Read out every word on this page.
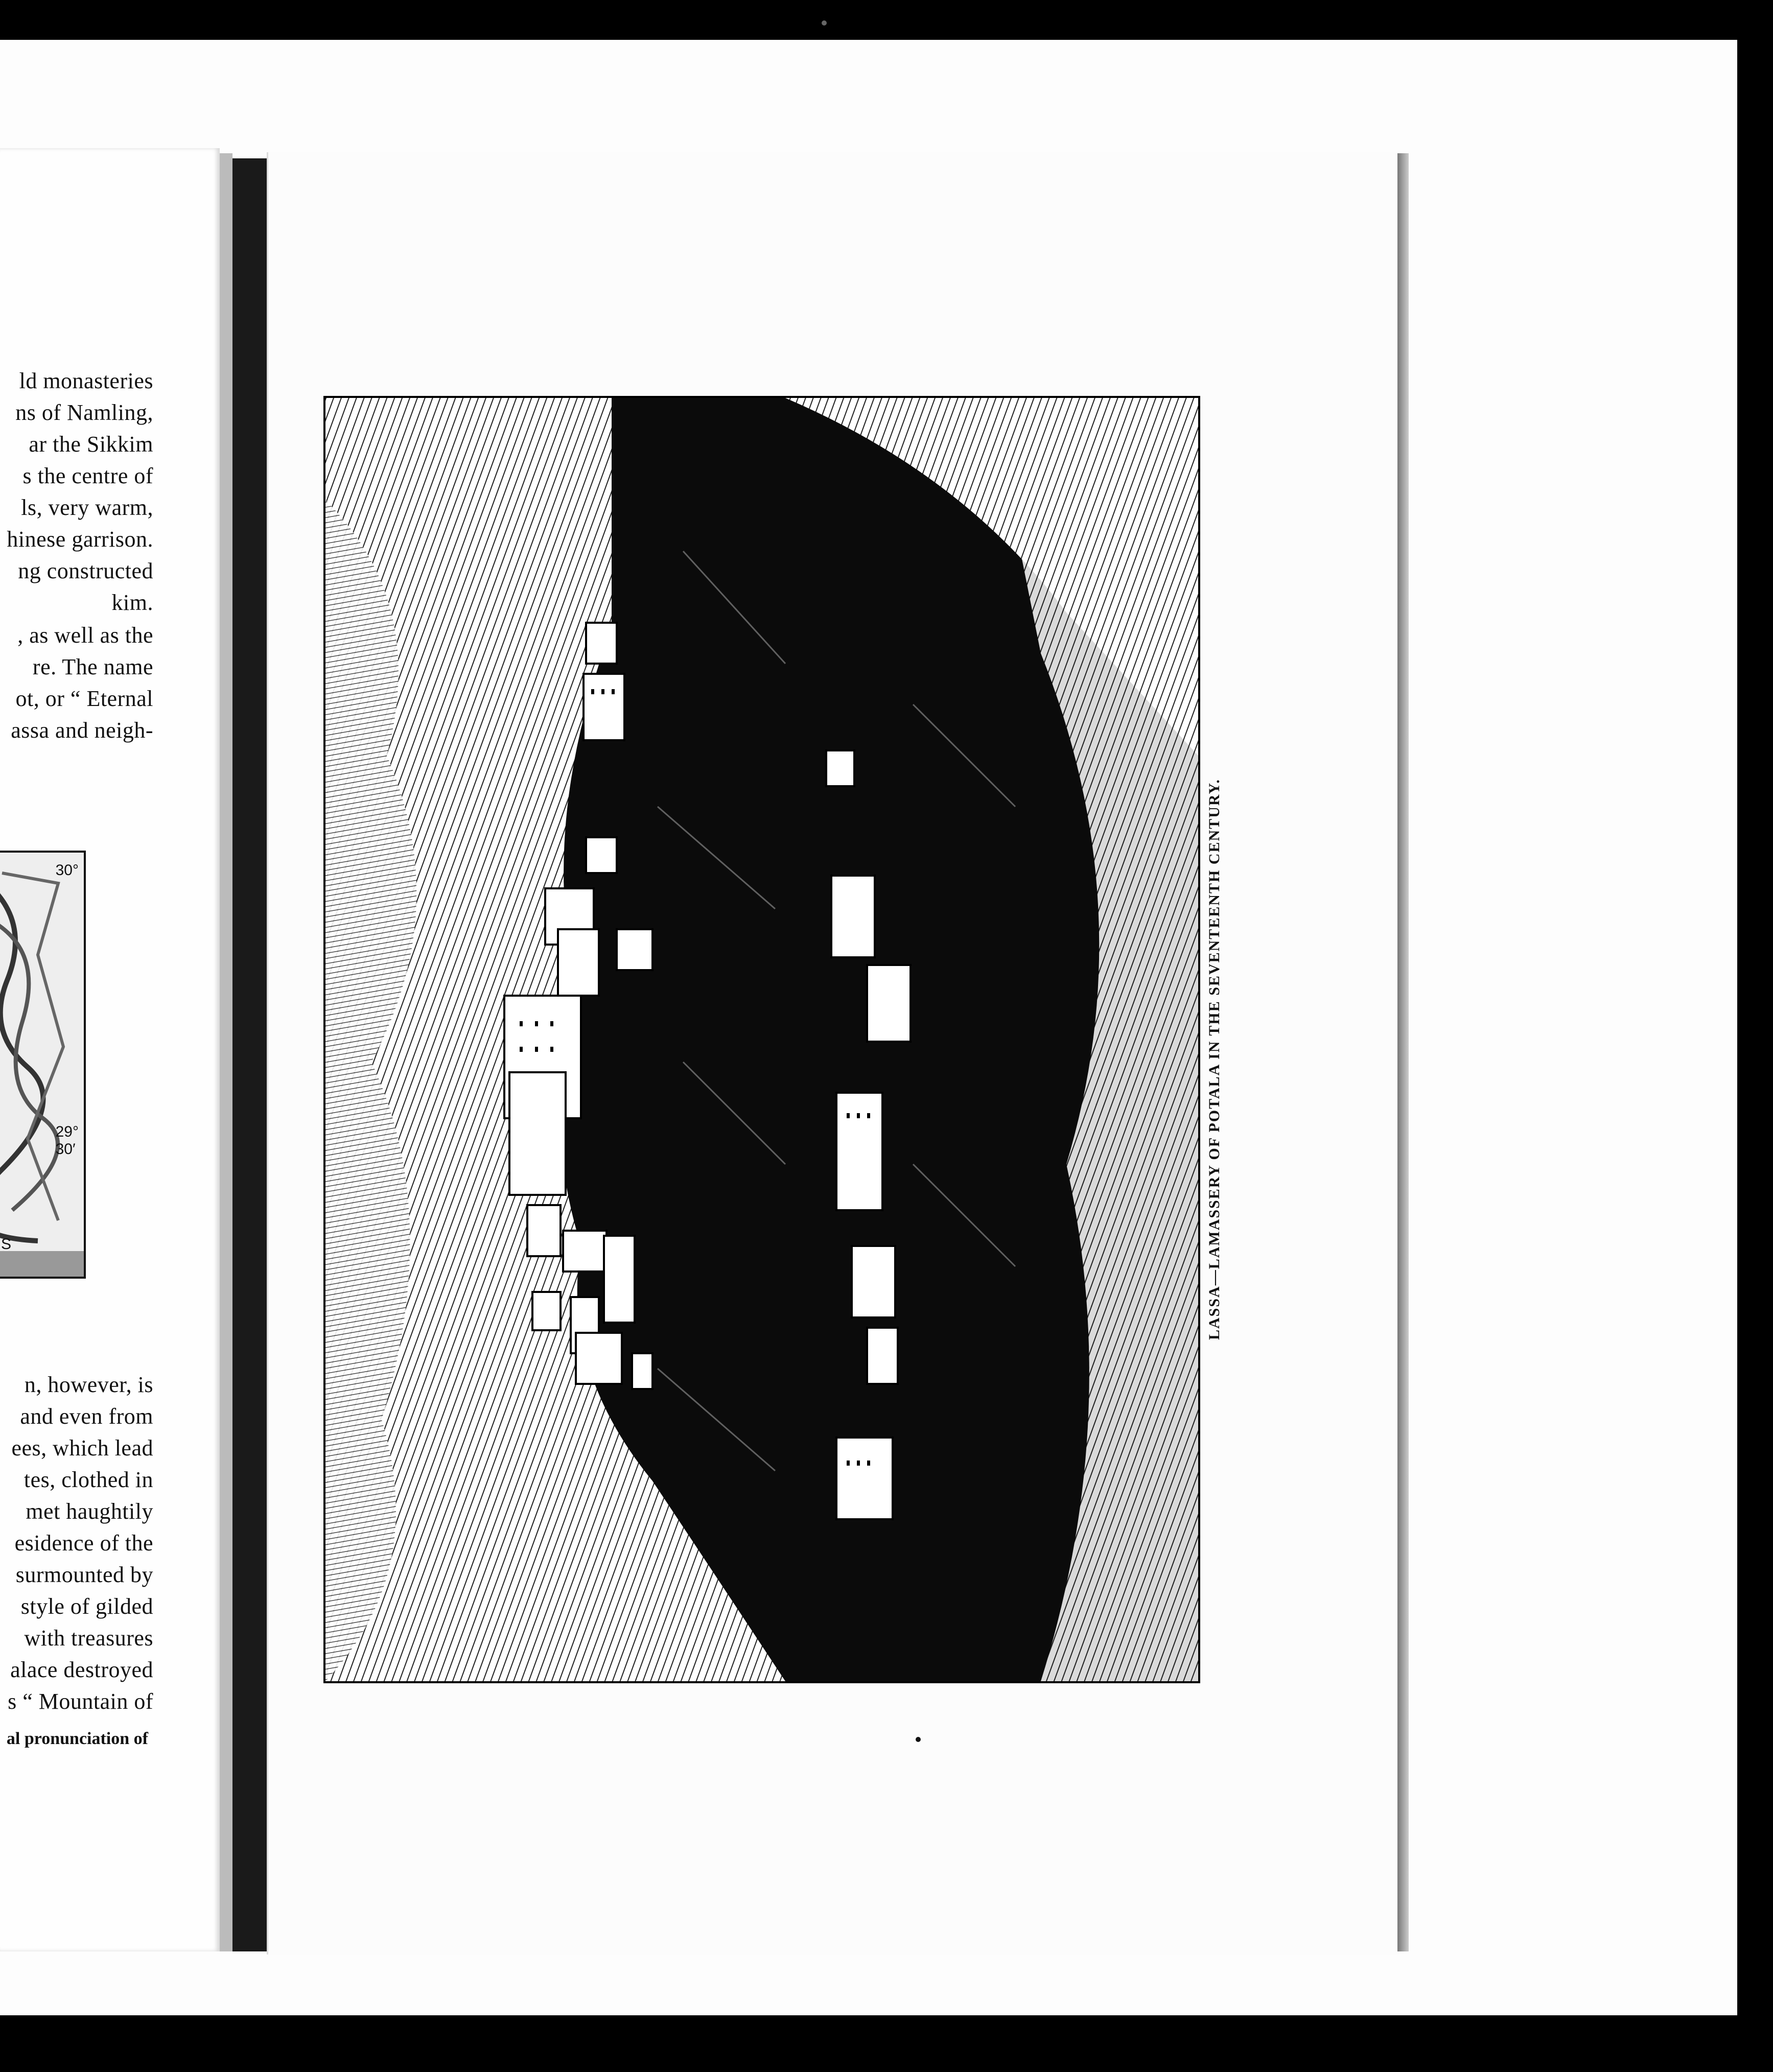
ld monasteries
ns of Namling,
ar the Sikkim
s the centre of
ls, very warm,
hinese garrison.
ng constructed
kim.
, as well as the
re. The name
ot, or “ Eternal
assa and neigh-
30°
29°
30′
S
n, however, is
and even from
ees, which lead
tes, clothed in
met haughtily
esidence of the
surmounted by
style of gilded
with treasures
alace destroyed
s “ Mountain of
al pronunciation of
LASSA—LAMASSERY OF POTALA IN THE SEVENTEENTH CENTURY.
